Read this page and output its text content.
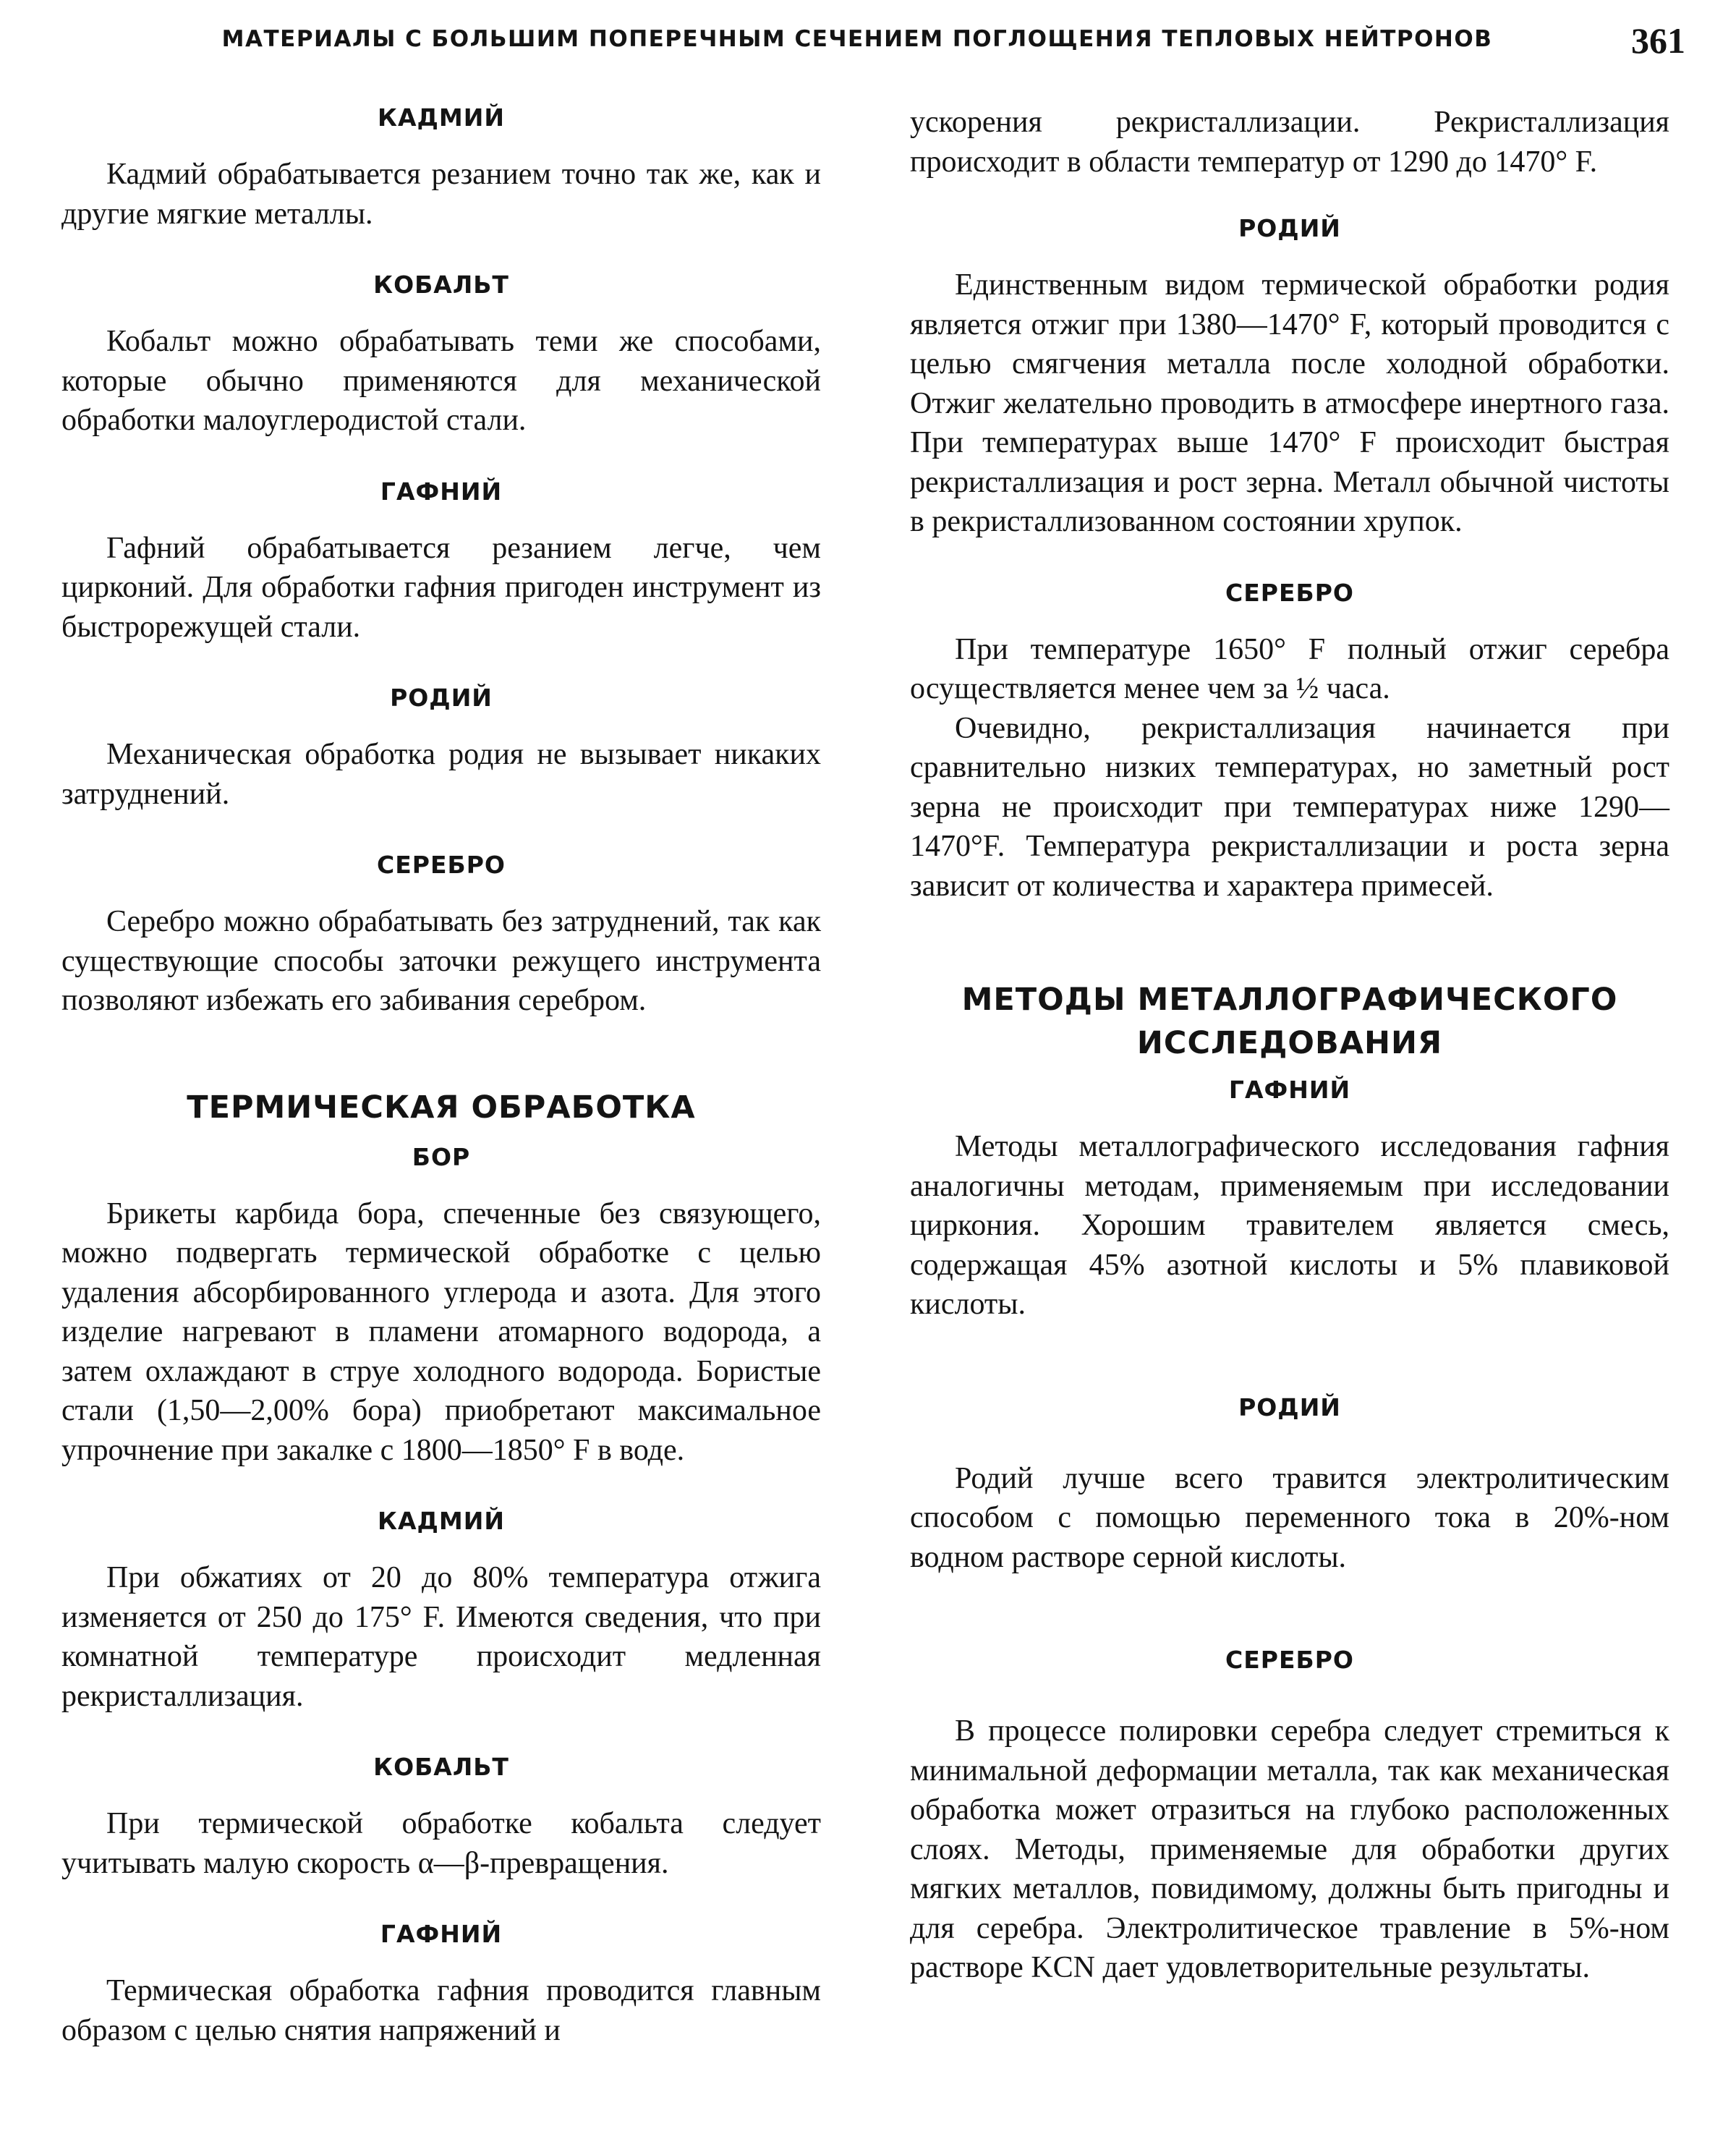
МАТЕРИАЛЫ С БОЛЬШИМ ПОПЕРЕЧНЫМ СЕЧЕНИЕМ ПОГЛОЩЕНИЯ ТЕПЛОВЫХ НЕЙТРОНОВ	361
КАДМИЙ

Кадмий обрабатывается резанием точно так же, как и другие мягкие металлы.

КОБАЛЬТ

Кобальт можно обрабатывать теми же способами, которые обычно применяются для механической обработки малоуглеродистой стали.

ГАФНИЙ

Гафний обрабатывается резанием легче, чем цирконий. Для обработки гафния пригоден инструмент из быстрорежущей стали.

РОДИЙ

Механическая обработка родия не вызывает никаких затруднений.

СЕРЕБРО

Серебро можно обрабатывать без затруднений, так как существующие способы заточки режущего инструмента позволяют избежать его забивания серебром.

ТЕРМИЧЕСКАЯ ОБРАБОТКА
БОР

Брикеты карбида бора, спеченные без связующего, можно подвергать термической обработке с целью удаления абсорбированного углерода и азота. Для этого изделие нагревают в пламени атомарного водорода, а затем охлаждают в струе холодного водорода. Бористые стали (1,50—2,00% бора) приобретают максимальное упрочнение при закалке с 1800—1850° F в воде.

КАДМИЙ

При обжатиях от 20 до 80% температура отжига изменяется от 250 до 175° F. Имеются сведения, что при комнатной температуре происходит медленная рекристаллизация.

КОБАЛЬТ

При термической обработке кобальта следует учитывать малую скорость α—β-превращения.

ГАФНИЙ

Термическая обработка гафния проводится главным образом с целью снятия напряжений и

ускорения рекристаллизации. Рекристаллизация происходит в области температур от 1290 до 1470° F.

РОДИЙ

Единственным видом термической обработки родия является отжиг при 1380—1470° F, который проводится с целью смягчения металла после холодной обработки. Отжиг желательно проводить в атмосфере инертного газа. При температурах выше 1470° F происходит быстрая рекристаллизация и рост зерна. Металл обычной чистоты в рекристаллизованном состоянии хрупок.

СЕРЕБРО

При температуре 1650° F полный отжиг серебра осуществляется менее чем за ½ часа.

Очевидно, рекристаллизация начинается при сравнительно низких температурах, но заметный рост зерна не происходит при температурах ниже 1290—1470°F. Температура рекристаллизации и роста зерна зависит от количества и характера примесей.

МЕТОДЫ МЕТАЛЛОГРАФИЧЕСКОГО
ИССЛЕДОВАНИЯ
ГАФНИЙ

Методы металлографического исследования гафния аналогичны методам, применяемым при исследовании циркония. Хорошим травителем является смесь, содержащая 45% азотной кислоты и 5% плавиковой кислоты.

РОДИЙ

Родий лучше всего травится электролитическим способом с помощью переменного тока в 20%-ном водном растворе серной кислоты.

СЕРЕБРО

В процессе полировки серебра следует стремиться к минимальной деформации металла, так как механическая обработка может отразиться на глубоко расположенных слоях. Методы, применяемые для обработки других мягких металлов, повидимому, должны быть пригодны и для серебра. Электролитическое травление в 5%-ном растворе KCN дает удовлетворительные результаты.
